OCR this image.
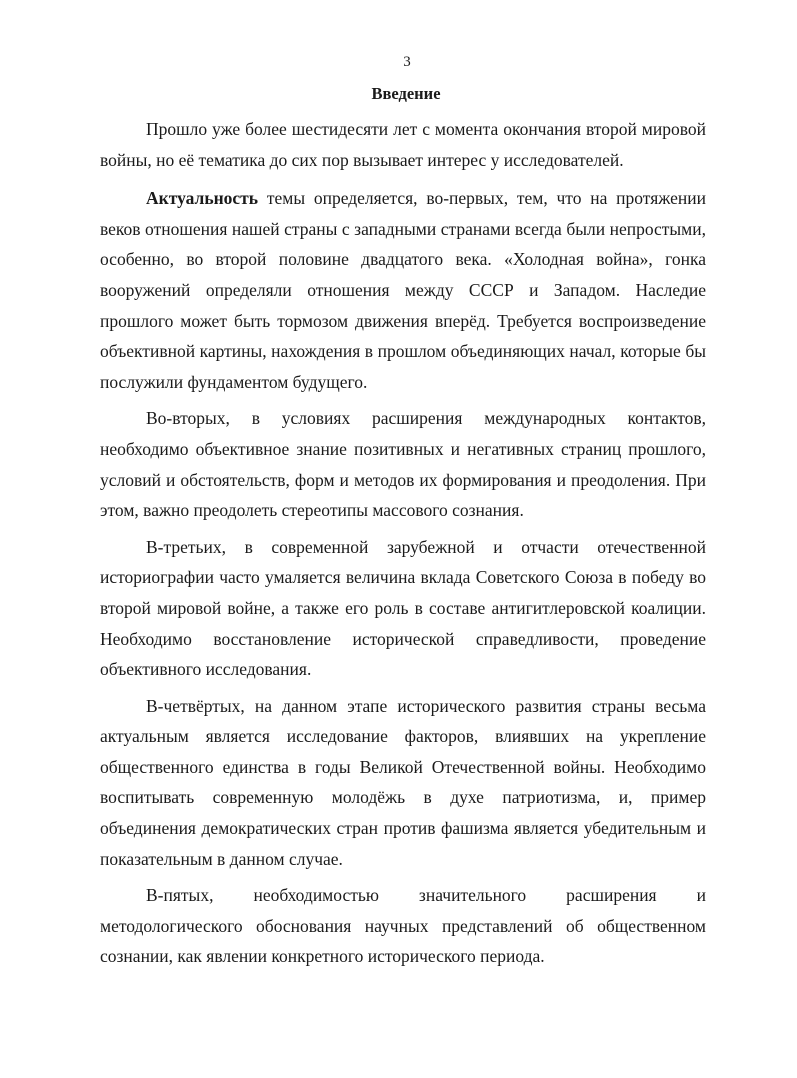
3
Введение

Прошло уже более шестидесяти лет с момента окончания второй мировой войны, но её тематика до сих пор вызывает интерес у исследователей.

Актуальность темы определяется, во-первых, тем, что на протяжении веков отношения нашей страны с западными странами всегда были непростыми, особенно, во второй половине двадцатого века. «Холодная война», гонка вооружений определяли отношения между СССР и Западом. Наследие прошлого может быть тормозом движения вперёд. Требуется воспроизведение объективной картины, нахождения в прошлом объединяющих начал, которые бы послужили фундаментом будущего.

Во-вторых, в условиях расширения международных контактов, необходимо объективное знание позитивных и негативных страниц прошлого, условий и обстоятельств, форм и методов их формирования и преодоления. При этом, важно преодолеть стереотипы массового сознания.

В-третьих, в современной зарубежной и отчасти отечественной историографии часто умаляется величина вклада Советского Союза в победу во второй мировой войне, а также его роль в составе антигитлеровской коалиции. Необходимо восстановление исторической справедливости, проведение объективного исследования.

В-четвёртых, на данном этапе исторического развития страны весьма актуальным является исследование факторов, влиявших на укрепление общественного единства в годы Великой Отечественной войны. Необходимо воспитывать современную молодёжь в духе патриотизма, и, пример объединения демократических стран против фашизма является убедительным и показательным в данном случае.

В-пятых, необходимостью значительного расширения и методологического обоснования научных представлений об общественном сознании, как явлении конкретного исторического периода.
